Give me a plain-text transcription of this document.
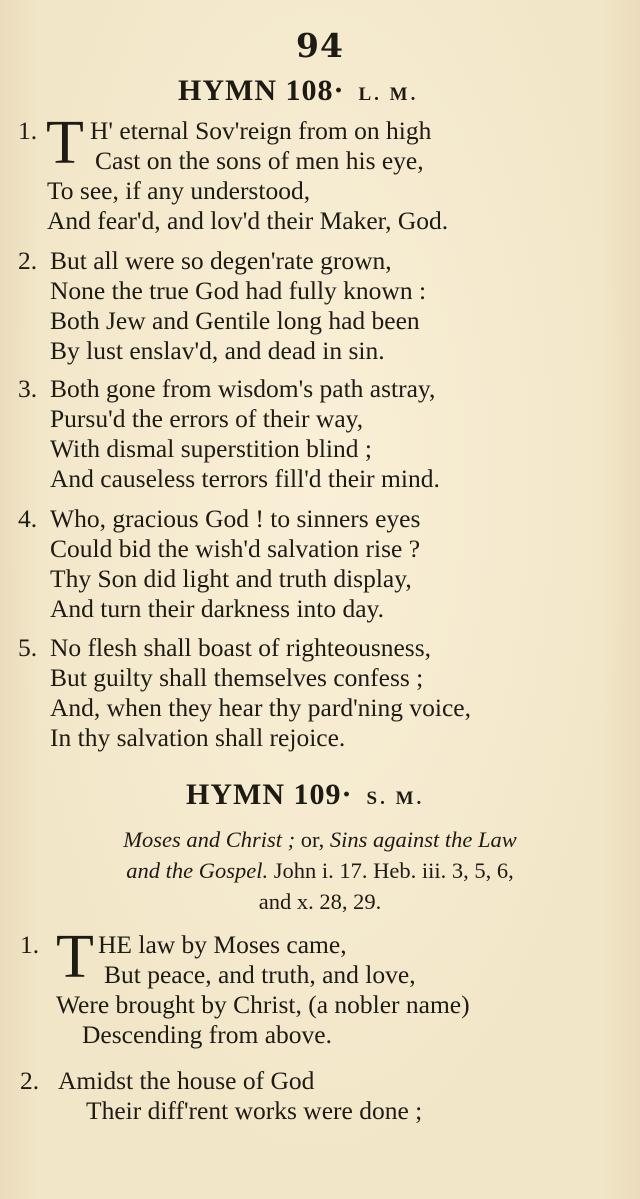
94
HYMN 108· L. M.
1. T H' eternal Sov'reign from on high
Cast on the sons of men his eye,
To see, if any understood,
And fear'd, and lov'd their Maker, God.
2. But all were so degen'rate grown,
None the true God had fully known :
Both Jew and Gentile long had been
By lust enslav'd, and dead in sin.
3. Both gone from wisdom's path astray,
Pursu'd the errors of their way,
With dismal superstition blind ;
And causeless terrors fill'd their mind.
4. Who, gracious God ! to sinners eyes
Could bid the wish'd salvation rise ?
Thy Son did light and truth display,
And turn their darkness into day.
5. No flesh shall boast of righteousness,
But guilty shall themselves confess ;
And, when they hear thy pard'ning voice,
In thy salvation shall rejoice.
HYMN 109· S. M.
Moses and Christ ; or, Sins against the Law
and the Gospel. John i. 17. Heb. iii. 3, 5, 6,
and x. 28, 29.
1. T HE law by Moses came,
But peace, and truth, and love,
Were brought by Christ, (a nobler name)
Descending from above.
2. Amidst the house of God
Their diff'rent works were done ;
